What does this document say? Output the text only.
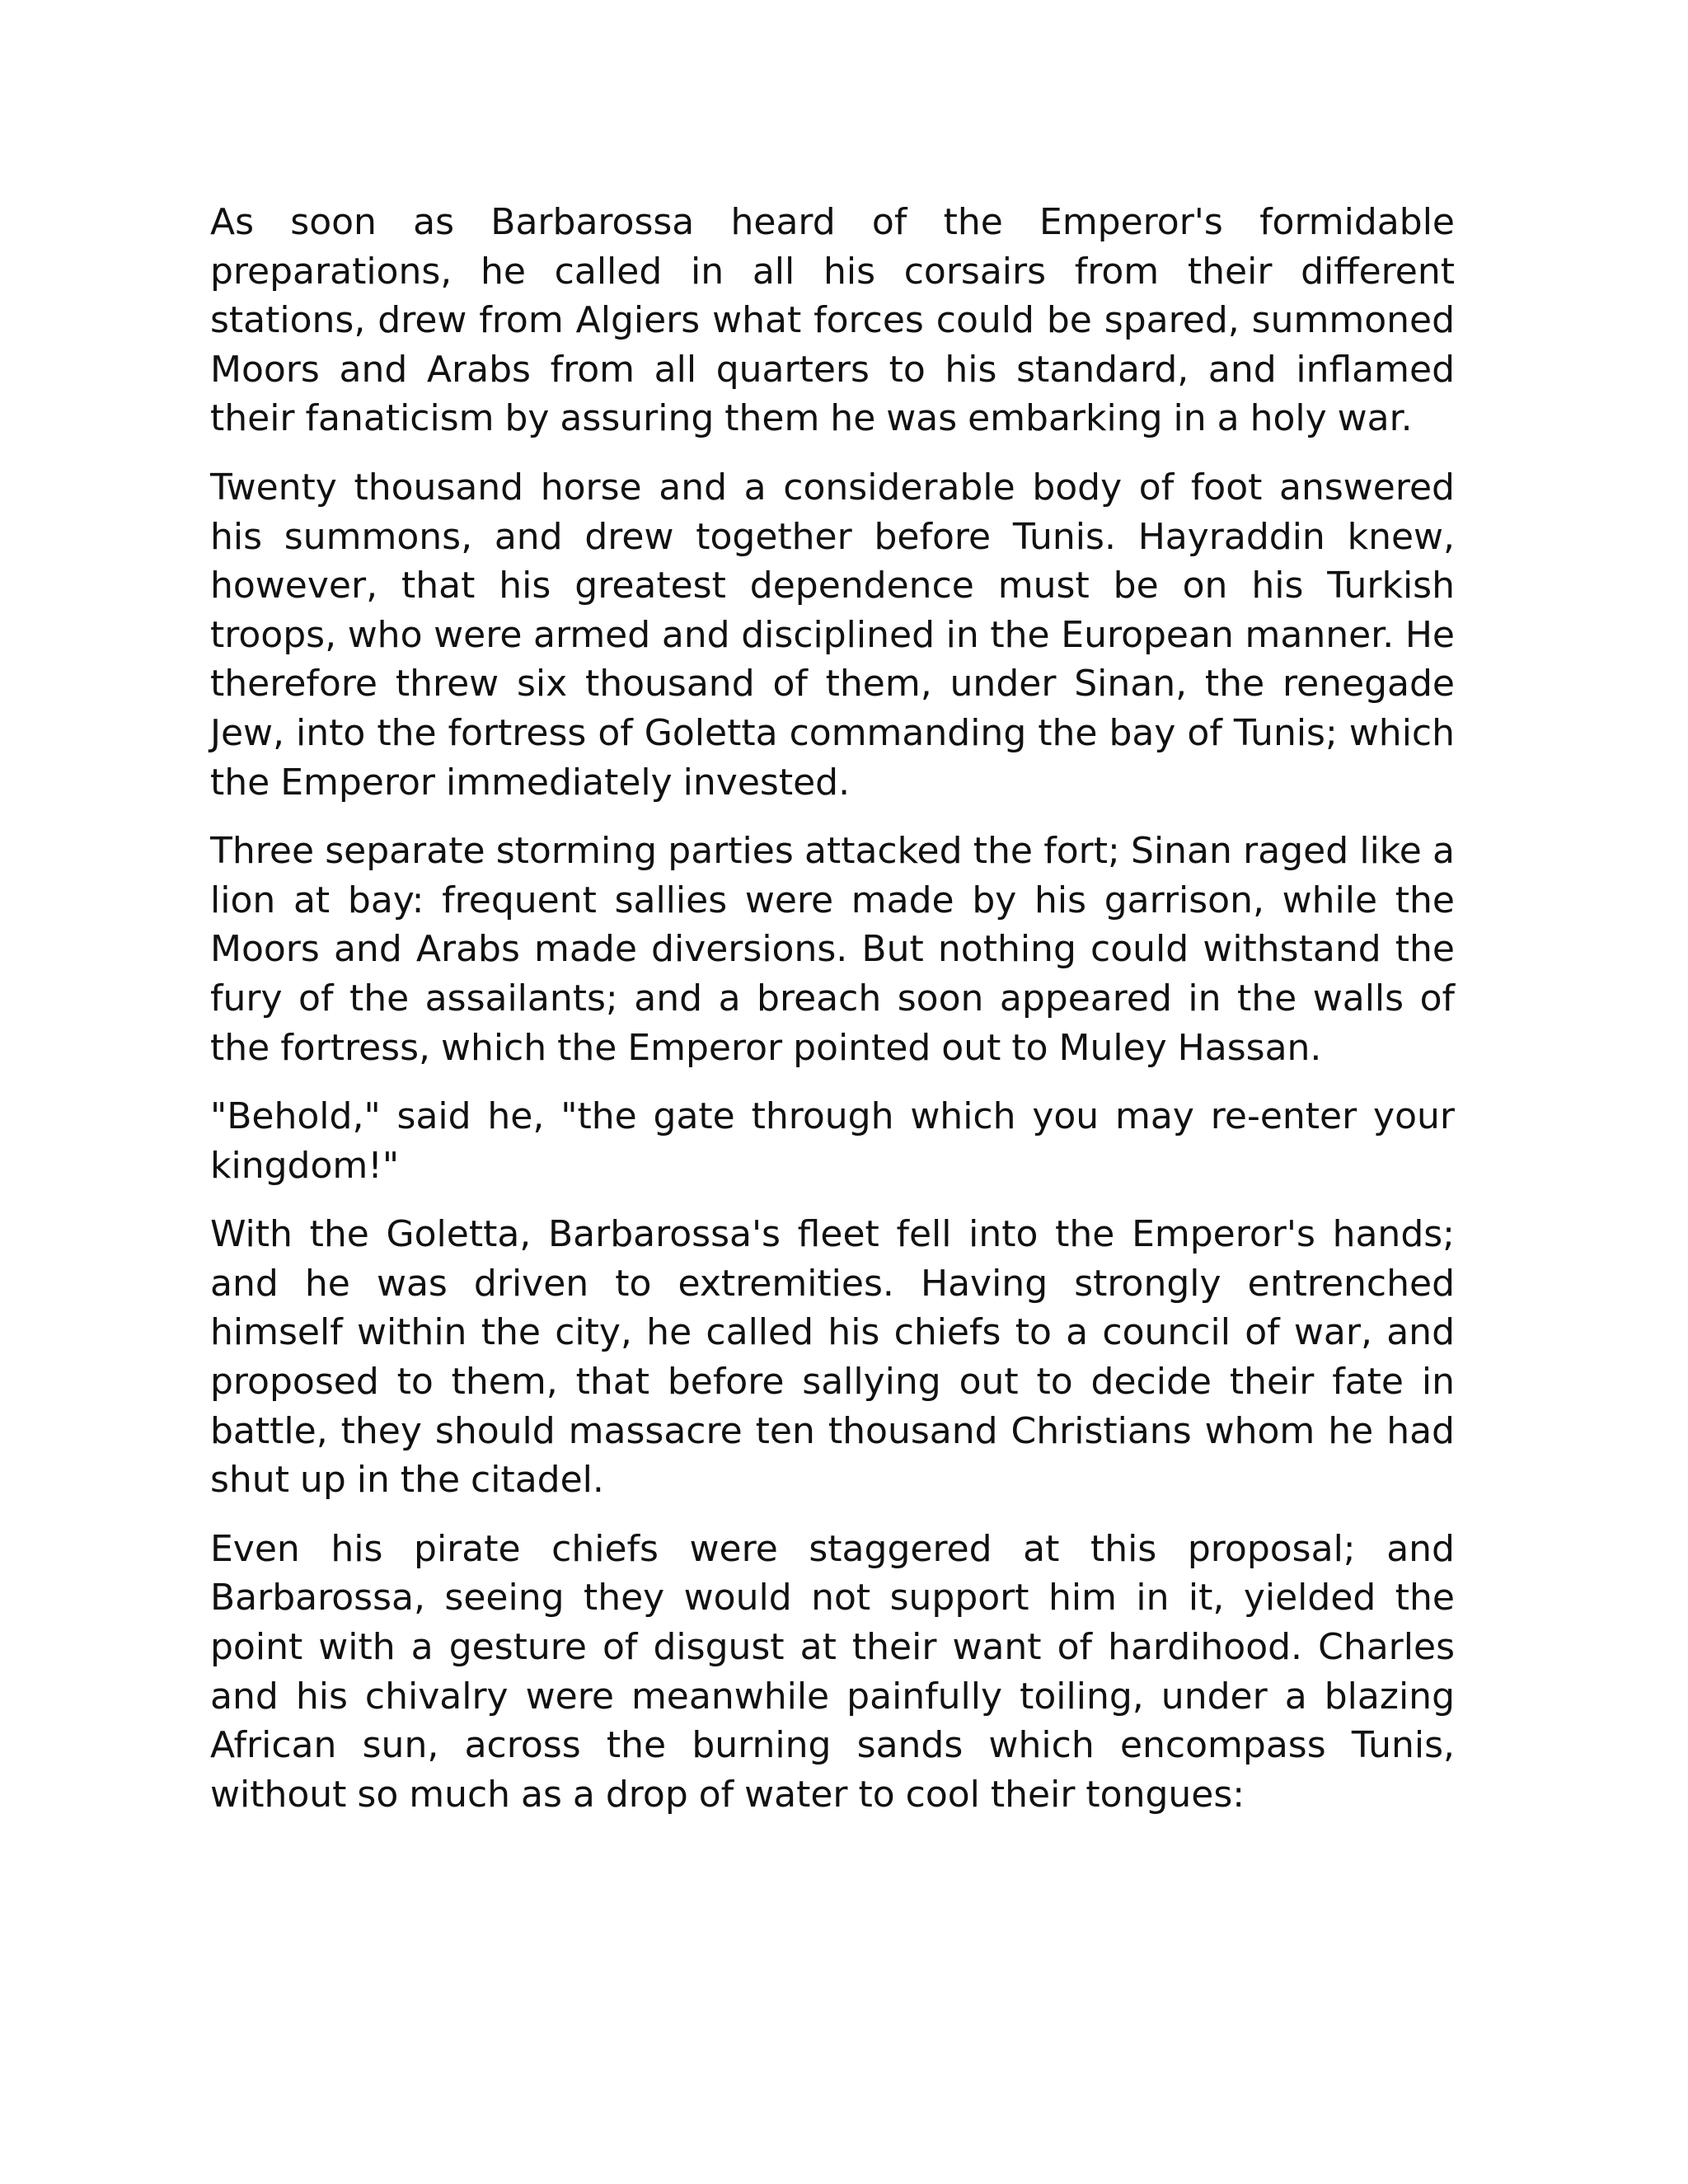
As soon as Barbarossa heard of the Emperor's formidable preparations, he called in all his corsairs from their different stations, drew from Algiers what forces could be spared, summoned Moors and Arabs from all quarters to his standard, and inflamed their fanaticism by assuring them he was embarking in a holy war.

Twenty thousand horse and a considerable body of foot answered his summons, and drew together before Tunis. Hayraddin knew, however, that his greatest dependence must be on his Turkish troops, who were armed and disciplined in the European manner. He therefore threw six thousand of them, under Sinan, the renegade Jew, into the fortress of Goletta commanding the bay of Tunis; which the Emperor immediately invested.

Three separate storming parties attacked the fort; Sinan raged like a lion at bay: frequent sallies were made by his garrison, while the Moors and Arabs made diversions. But nothing could withstand the fury of the assailants; and a breach soon appeared in the walls of the fortress, which the Emperor pointed out to Muley Hassan.

"Behold," said he, "the gate through which you may re-enter your kingdom!"

With the Goletta, Barbarossa's fleet fell into the Emperor's hands; and he was driven to extremities. Having strongly entrenched himself within the city, he called his chiefs to a council of war, and proposed to them, that before sallying out to decide their fate in battle, they should massacre ten thousand Christians whom he had shut up in the citadel.

Even his pirate chiefs were staggered at this proposal; and Barbarossa, seeing they would not support him in it, yielded the point with a gesture of disgust at their want of hardihood. Charles and his chivalry were meanwhile painfully toiling, under a blazing African sun, across the burning sands which encompass Tunis, without so much as a drop of water to cool their tongues:
